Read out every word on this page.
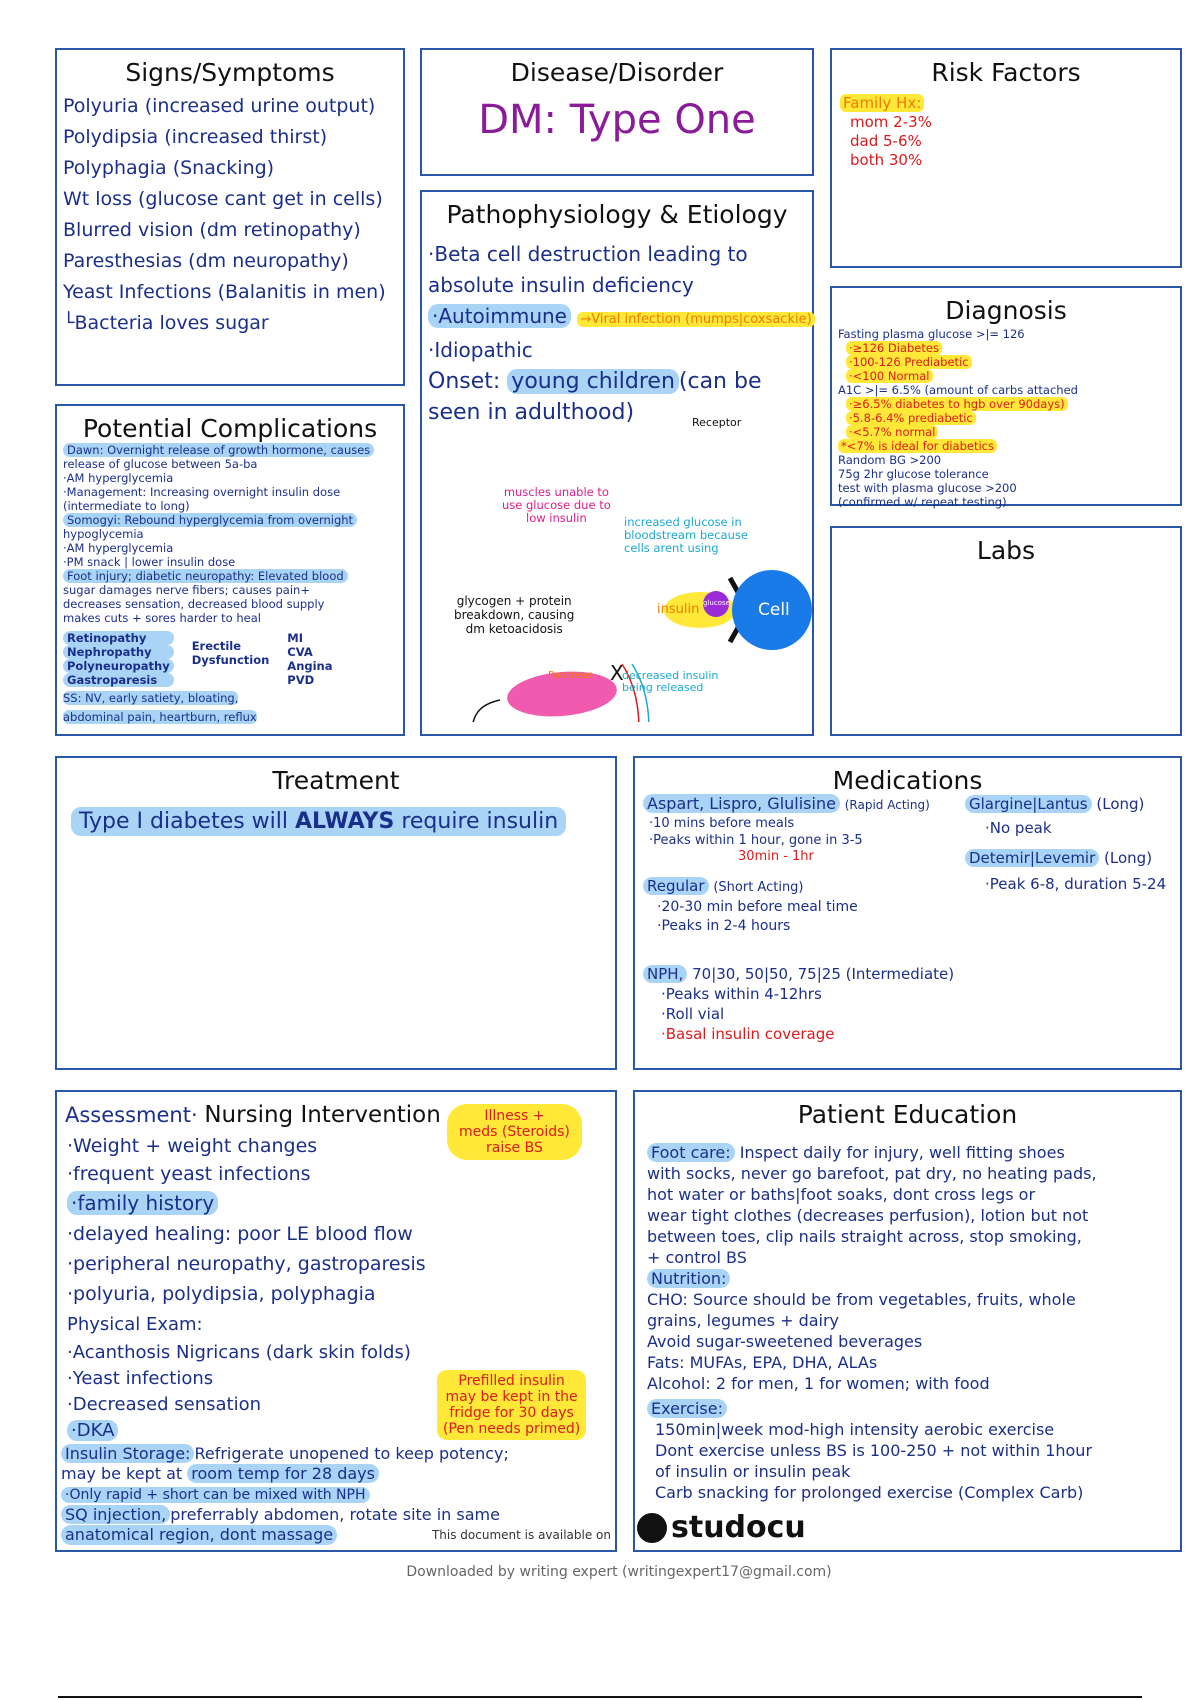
Signs/Symptoms
Polyuria (increased urine output)
Polydipsia (increased thirst)
Polyphagia (Snacking)
Wt loss (glucose cant get in cells)
Blurred vision (dm retinopathy)
Paresthesias (dm neuropathy)
Yeast Infections (Balanitis in men)
└Bacteria loves sugar
Disease/Disorder
DM: Type One
Risk Factors
Family Hx:
mom 2-3%
dad 5-6%
both 30%
Pathophysiology & Etiology
·Beta cell destruction leading to
absolute insulin deficiency
·Autoimmune →Viral infection (mumps|coxsackie)
·Idiopathic
Onset: young children (can be
seen in adulthood)
X
Receptor
glucose
insulin	Cell
muscles unable to
use glucose due to
low insulin	increased glucose in
bloodstream because
cells arent using
glycogen + protein
breakdown, causing
dm ketoacidosis
Pancreas	decreased insulin
being released
Diagnosis
Fasting plasma glucose >|= 126
·≥126 Diabetes
·100-126 Prediabetic
·<100 Normal
A1C >|= 6.5% (amount of carbs attached
·≥6.5% diabetes to hgb over 90days)
·5.8-6.4% prediabetic
·<5.7% normal
*<7% is ideal for diabetics
Random BG >200
75g 2hr glucose tolerance
test with plasma glucose >200
(confirmed w/ repeat testing)
Potential Complications
Dawn: Overnight release of growth hormone, causes
release of glucose between 5a-ba
·AM hyperglycemia
·Management: Increasing overnight insulin dose
(intermediate to long)
Somogyi: Rebound hyperglycemia from overnight
hypoglycemia
·AM hyperglycemia
·PM snack | lower insulin dose
Foot injury; diabetic neuropathy: Elevated blood
sugar damages nerve fibers; causes pain+
decreases sensation, decreased blood supply
makes cuts + sores harder to heal
Retinopathy
Nephropathy
Polyneuropathy
Gastroparesis
Erectile
Dysfunction
MI
CVA
Angina
PVD
SS: NV, early satiety, bloating,abdominal pain, heartburn, reflux
Labs
Treatment
Type I diabetes will ALWAYS require insulin
Medications
Aspart, Lispro, Glulisine (Rapid Acting)
·10 mins before meals
·Peaks within 1 hour, gone in 3-5
30min - 1hr
Regular (Short Acting)
·20-30 min before meal time
·Peaks in 2-4 hours
NPH, 70|30, 50|50, 75|25 (Intermediate)
·Peaks within 4-12hrs
·Roll vial
·Basal insulin coverage
Glargine|Lantus (Long)
·No peak
Detemir|Levemir (Long)
·Peak 6-8, duration 5-24
Assessment· Nursing Intervention	Illness +
meds (Steroids)
raise BS
·Weight + weight changes
·frequent yeast infections
·family history
·delayed healing: poor LE blood flow
·peripheral neuropathy, gastroparesis
·polyuria, polydipsia, polyphagia
Physical Exam:
·Acanthosis Nigricans (dark skin folds)
·Yeast infections
·Decreased sensation
·DKA
Prefilled insulin
may be kept in the
fridge for 30 days
(Pen needs primed)
Insulin Storage: Refrigerate unopened to keep potency;
may be kept at room temp for 28 days
·Only rapid + short can be mixed with NPH
SQ injection, preferrably abdomen, rotate site in same
anatomical region, dont massage	This document is available on
Patient Education
Foot care: Inspect daily for injury, well fitting shoes
with socks, never go barefoot, pat dry, no heating pads,
hot water or baths|foot soaks, dont cross legs or
wear tight clothes (decreases perfusion), lotion but not
between toes, clip nails straight across, stop smoking,
+ control BS
Nutrition:
CHO: Source should be from vegetables, fruits, whole
grains, legumes + dairy
Avoid sugar-sweetened beverages
Fats: MUFAs, EPA, DHA, ALAs
Alcohol: 2 for men, 1 for women; with food
Exercise:
150min|week mod-high intensity aerobic exercise
Dont exercise unless BS is 100-250 + not within 1hour
of insulin or insulin peak
Carb snacking for prolonged exercise (Complex Carb)
studocu
Downloaded by writing expert (writingexpert17@gmail.com)
